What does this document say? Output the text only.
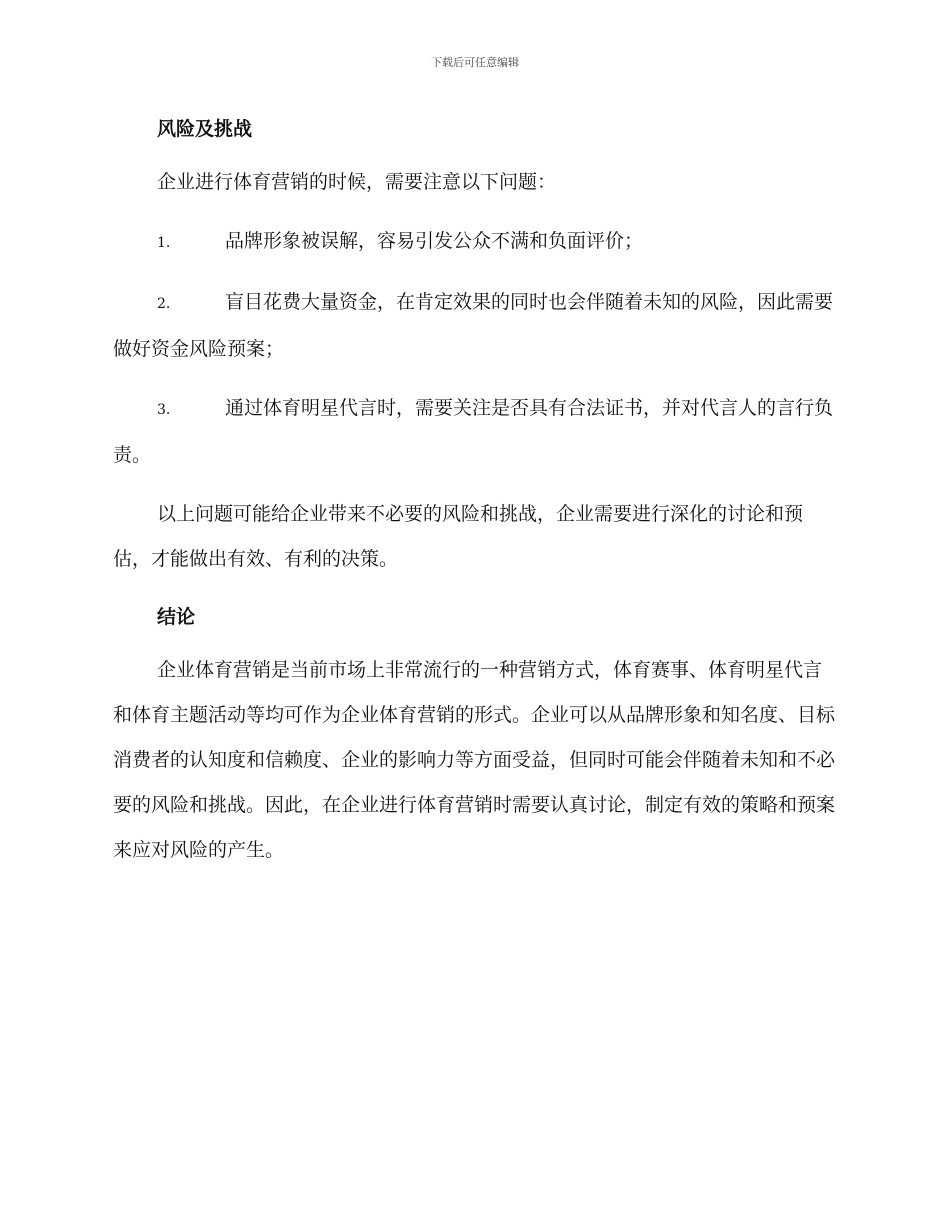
下载后可任意编辑
风险及挑战

企业进行体育营销的时候，需要注意以下问题：

1.	品牌形象被误解，容易引发公众不满和负面评价；

2.	盲目花费大量资金，在肯定效果的同时也会伴随着未知的风险，因此需要做好资金风险预案；

3.	通过体育明星代言时，需要关注是否具有合法证书，并对代言人的言行负责。

以上问题可能给企业带来不必要的风险和挑战，企业需要进行深化的讨论和预估，才能做出有效、有利的决策。

结论

企业体育营销是当前市场上非常流行的一种营销方式，体育赛事、体育明星代言和体育主题活动等均可作为企业体育营销的形式。企业可以从品牌形象和知名度、目标消费者的认知度和信赖度、企业的影响力等方面受益，但同时可能会伴随着未知和不必要的风险和挑战。因此，在企业进行体育营销时需要认真讨论，制定有效的策略和预案来应对风险的产生。
